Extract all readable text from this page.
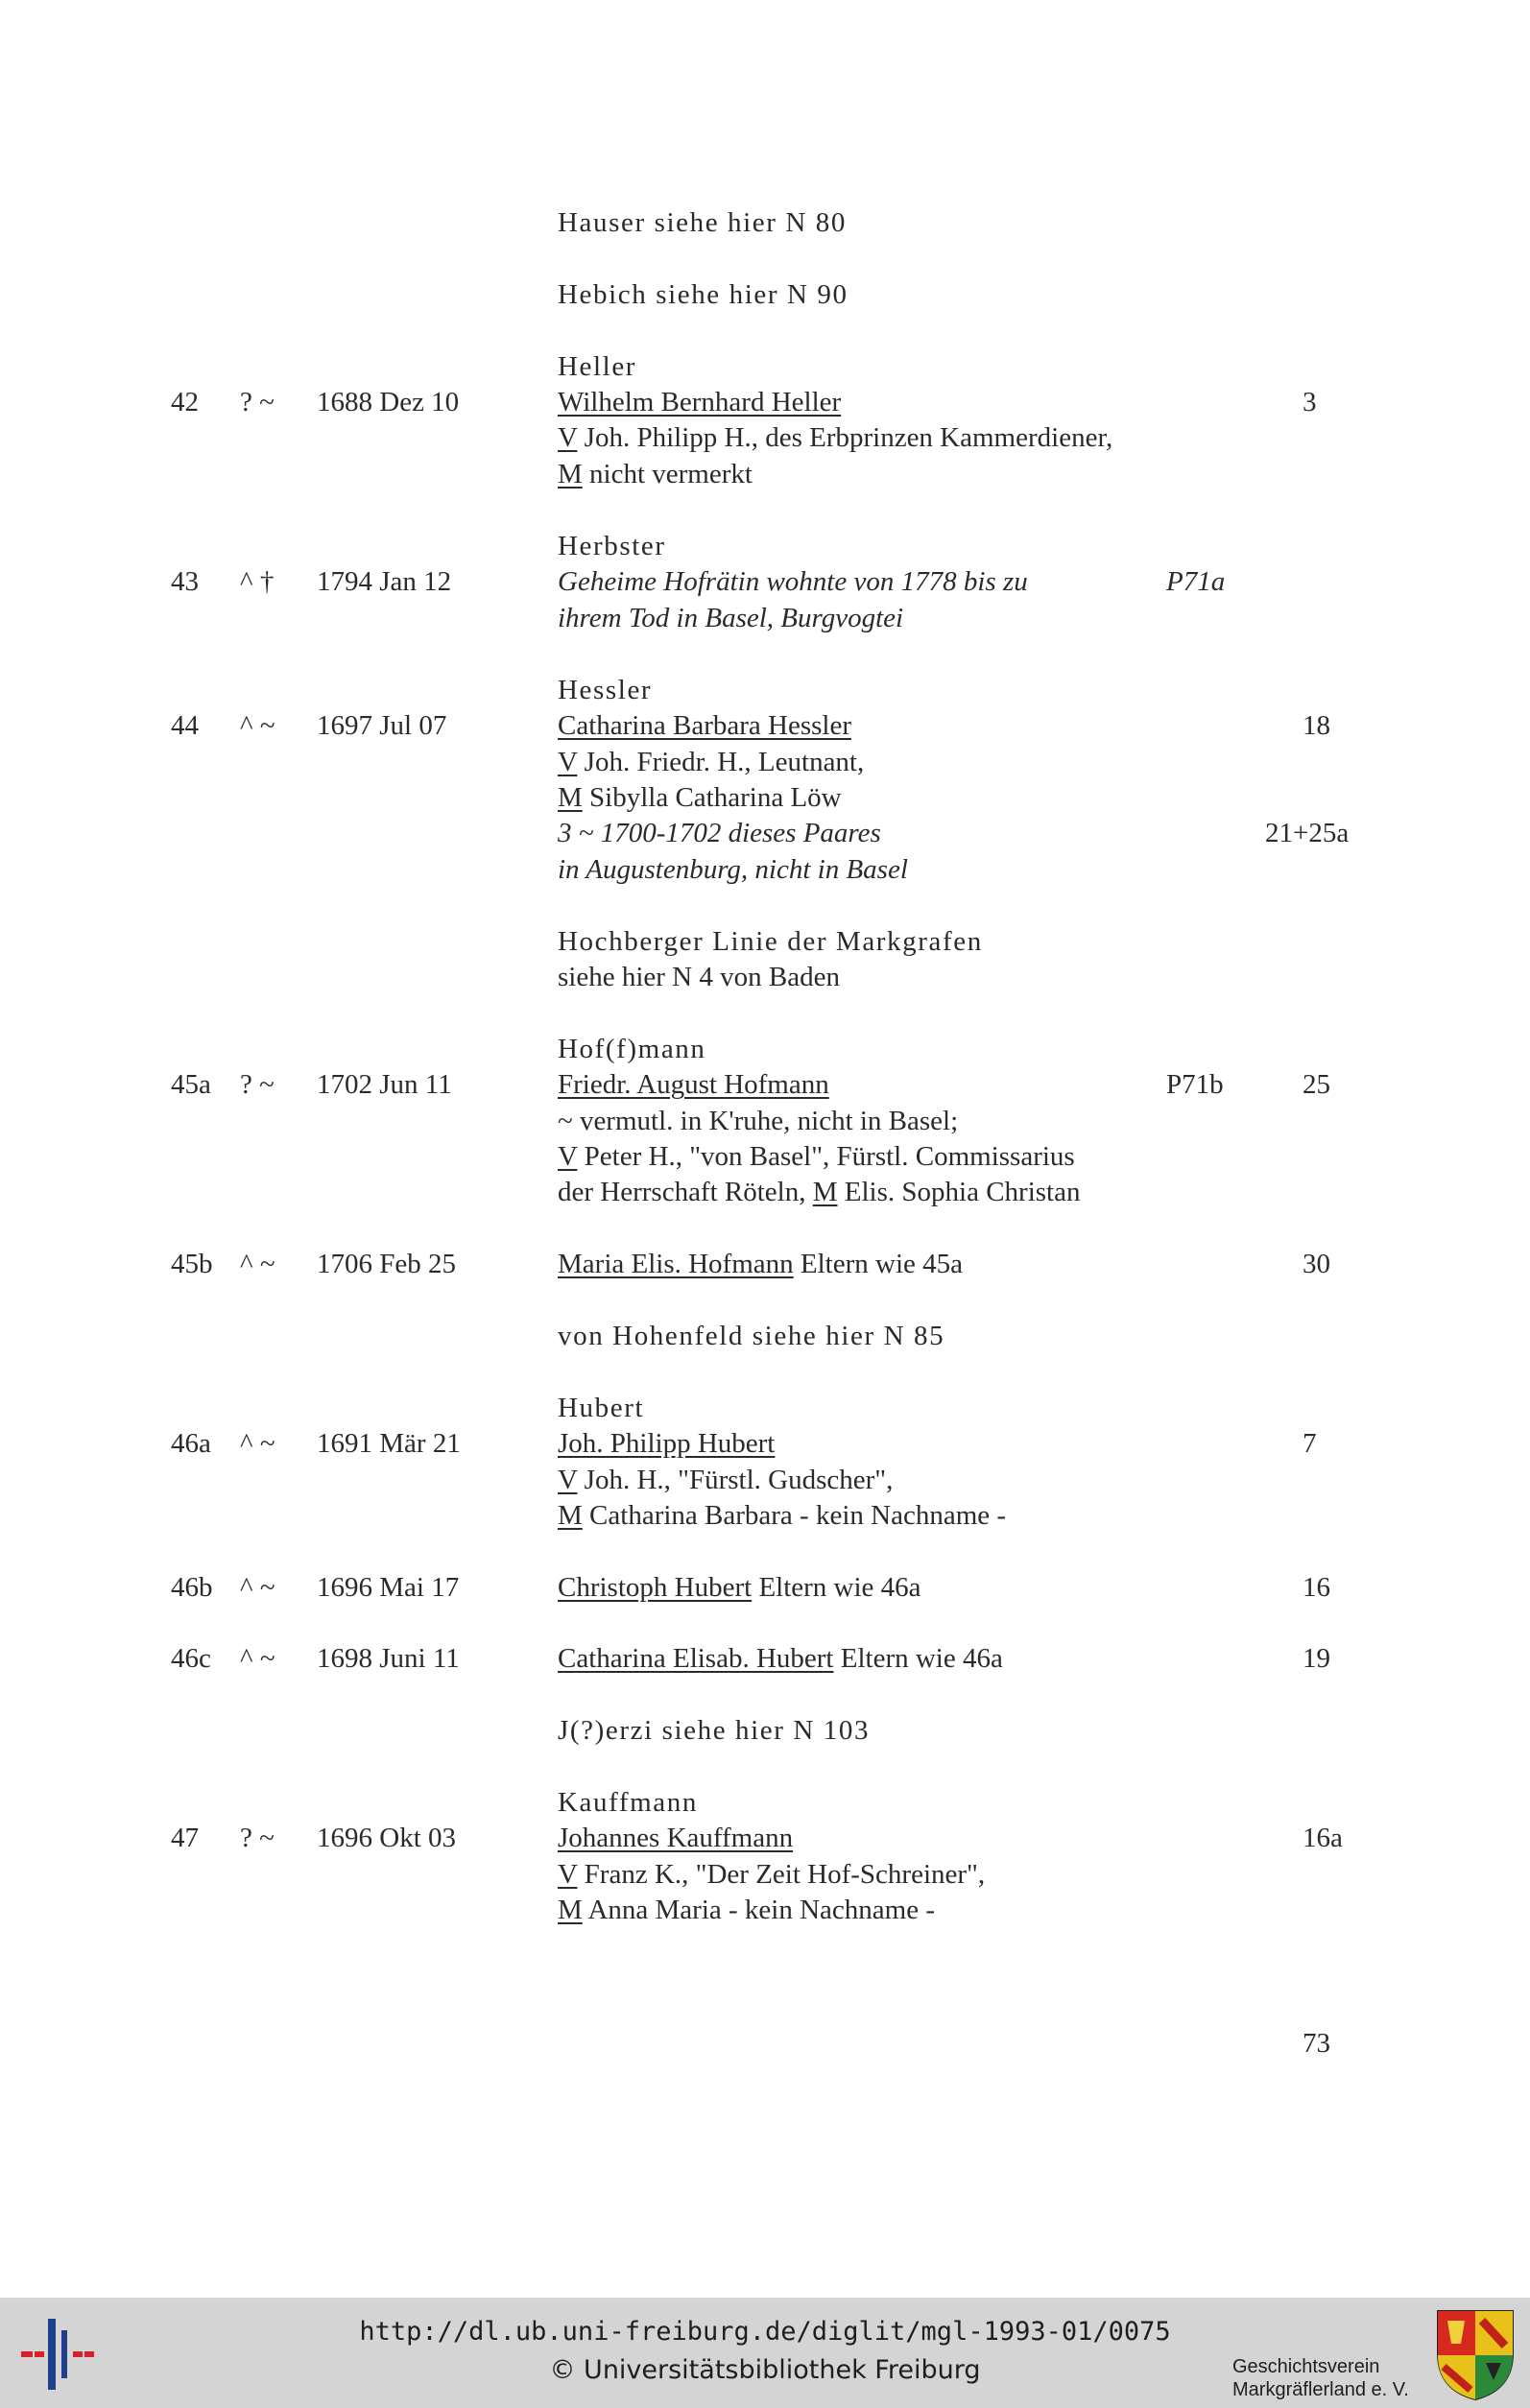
Hauser siehe hier N 80
Hebich siehe hier N 90
Heller
42 ? ~ 1688 Dez 10	Wilhelm Bernhard Heller	3
V Joh. Philipp H., des Erbprinzen Kammerdiener,
M nicht vermerkt
Herbster
43 ^ † 1794 Jan 12	Geheime Hofrätin wohnte von 1778 bis zu	P71a
ihrem Tod in Basel, Burgvogtei
Hessler
44 ^ ~ 1697 Jul 07	Catharina Barbara Hessler	18
V Joh. Friedr. H., Leutnant,
M Sibylla Catharina Löw
3 ~ 1700-1702 dieses Paares	21+25a
in Augustenburg, nicht in Basel
Hochberger Linie der Markgrafen
siehe hier N 4 von Baden
Hof(f)mann
45a ? ~ 1702 Jun 11	Friedr. August Hofmann	P71b	25
~ vermutl. in K'ruhe, nicht in Basel;
V Peter H., "von Basel", Fürstl. Commissarius
der Herrschaft Röteln, M Elis. Sophia Christan
45b ^ ~ 1706 Feb 25	Maria Elis. Hofmann Eltern wie 45a	30
von Hohenfeld siehe hier N 85
Hubert
46a ^ ~ 1691 Mär 21	Joh. Philipp Hubert	7
V Joh. H., "Fürstl. Gudscher",
M Catharina Barbara - kein Nachname -
46b ^ ~ 1696 Mai 17	Christoph Hubert Eltern wie 46a	16
46c ^ ~ 1698 Juni 11	Catharina Elisab. Hubert Eltern wie 46a	19
J(?)erzi siehe hier N 103
Kauffmann
47 ? ~ 1696 Okt 03	Johannes Kauffmann	16a
V Franz K., "Der Zeit Hof-Schreiner",
M Anna Maria - kein Nachname -
73
http://dl.ub.uni-freiburg.de/diglit/mgl-1993-01/0075
© Universitätsbibliothek Freiburg	Geschichtsverein
Markgräflerland e. V.
